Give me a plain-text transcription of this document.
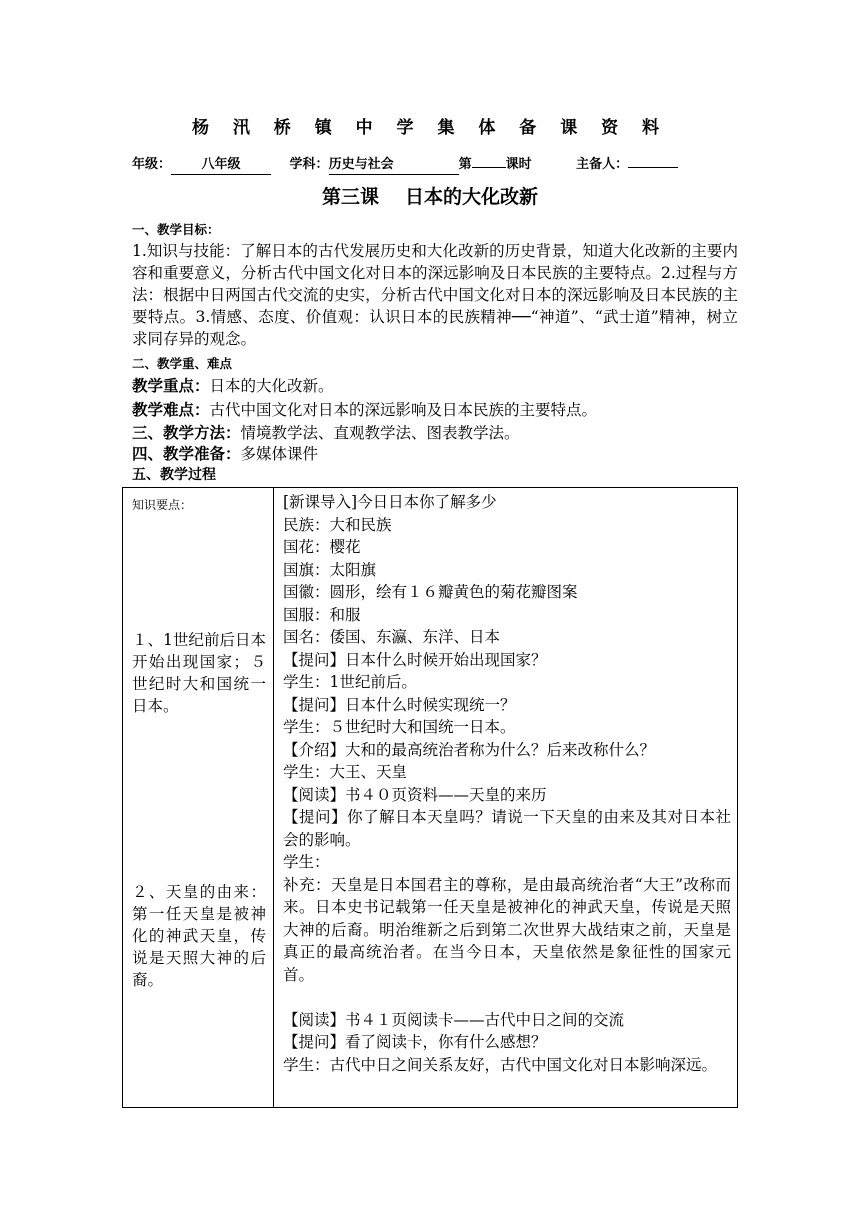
杨 汛 桥 镇 中 学 集 体 备 课 资 料
年级： 八年级	学科：历史与社会	第	课时	主备人：
第三课 日本的大化改新
一、教学目标：
1.知识与技能：了解日本的古代发展历史和大化改新的历史背景，知道大化改新的主要内容和重要意义，分析古代中国文化对日本的深远影响及日本民族的主要特点。2.过程与方法：根据中日两国古代交流的史实，分析古代中国文化对日本的深远影响及日本民族的主要特点。3.情感、态度、价值观：认识日本的民族精神──“神道”、“武士道”精神，树立求同存异的观念。
二、教学重、难点
教学重点：日本的大化改新。
教学难点：古代中国文化对日本的深远影响及日本民族的主要特点。
三、教学方法：情境教学法、直观教学法、图表教学法。
四、教学准备：多媒体课件
五、教学过程
知识要点：
１、1世纪前后日本开始出现国家；５世纪时大和国统一日本。
２、天皇的由来：第一任天皇是被神化的神武天皇，传说是天照大神的后裔。

[新课导入]今日日本你了解多少
民族：大和民族
国花：樱花
国旗：太阳旗
国徽：圆形，绘有１６瓣黄色的菊花瓣图案
国服：和服
国名：倭国、东瀛、东洋、日本
【提问】日本什么时候开始出现国家？
学生：1世纪前后。
【提问】日本什么时候实现统一？
学生：５世纪时大和国统一日本。
【介绍】大和的最高统治者称为什么？后来改称什么？
学生：大王、天皇
【阅读】书４０页资料——天皇的来历
【提问】你了解日本天皇吗？请说一下天皇的由来及其对日本社会的影响。
学生：
补充：天皇是日本国君主的尊称，是由最高统治者“大王”改称而来。日本史书记载第一任天皇是被神化的神武天皇，传说是天照大神的后裔。明治维新之后到第二次世界大战结束之前，天皇是真正的最高统治者。在当今日本，天皇依然是象征性的国家元首。
【阅读】书４１页阅读卡——古代中日之间的交流
【提问】看了阅读卡，你有什么感想？
学生：古代中日之间关系友好，古代中国文化对日本影响深远。
